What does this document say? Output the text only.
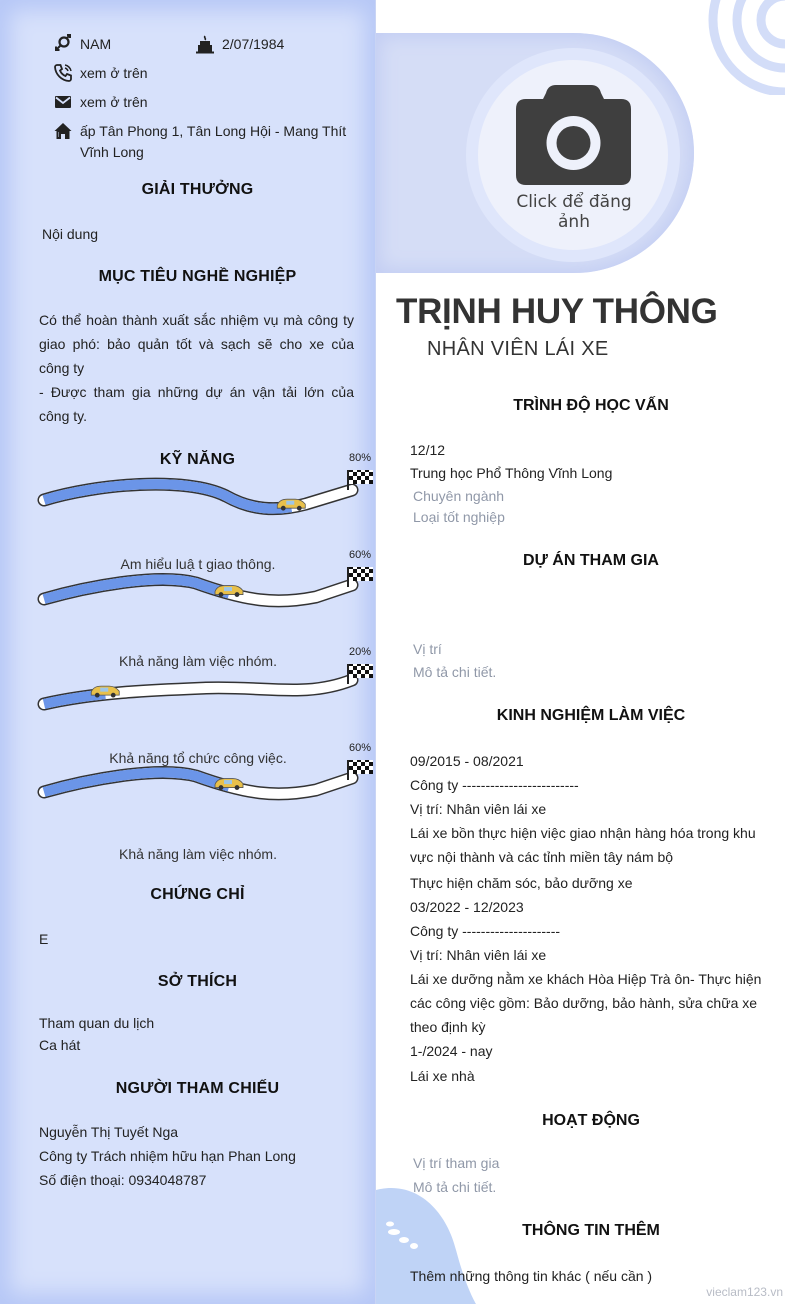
NAM	2/07/1984
xem ở trên
xem ở trên
ấp Tân Phong 1, Tân Long Hội - Mang Thít
Vĩnh Long
GIẢI THƯỞNG
Nội dung
MỤC TIÊU NGHỀ NGHIỆP
Có thể hoàn thành xuất sắc nhiệm vụ mà công ty giao phó: bảo quản tốt và sạch sẽ cho xe của công ty
- Được tham gia những dự án vận tải lớn của công ty.
KỸ NĂNG	80%
Am hiểu luậ t giao thông.
60%
Khả năng làm việc nhóm.
20%
Khả năng tổ chức công việc.
60%
Khả năng làm việc nhóm.
CHỨNG CHỈ
E
SỞ THÍCH
Tham quan du lịch
Ca hát
NGƯỜI THAM CHIẾU
Nguyễn Thị Tuyết Nga
Công ty Trách nhiệm hữu hạn Phan Long
Số điện thoại: 0934048787
Click để đăng ảnh
TRỊNH HUY THÔNG
NHÂN VIÊN LÁI XE
TRÌNH ĐỘ HỌC VẤN
12/12
Trung học Phổ Thông Vĩnh Long
Chuyên ngành
Loại tốt nghiệp
DỰ ÁN THAM GIA
Vị trí
Mô tả chi tiết.
KINH NGHIỆM LÀM VIỆC
09/2015 - 08/2021
Công ty -------------------------
Vị trí: Nhân viên lái xe
Lái xe bồn thực hiện việc giao nhận hàng hóa trong khu vực nội thành và các tỉnh miền tây nám bộ
Thực hiện chăm sóc, bảo dưỡng xe
03/2022 - 12/2023
Công ty ---------------------
Vị trí: Nhân viên lái xe
Lái xe dưỡng nằm xe khách Hòa Hiệp Trà ôn- Thực hiện các công việc gồm: Bảo dưỡng, bảo hành, sửa chữa xe theo định kỳ
1-/2024 - nay
Lái xe nhà
HOẠT ĐỘNG
Vị trí tham gia
Mô tả chi tiết.
THÔNG TIN THÊM
Thêm những thông tin khác ( nếu cần )
vieclam123.vn
